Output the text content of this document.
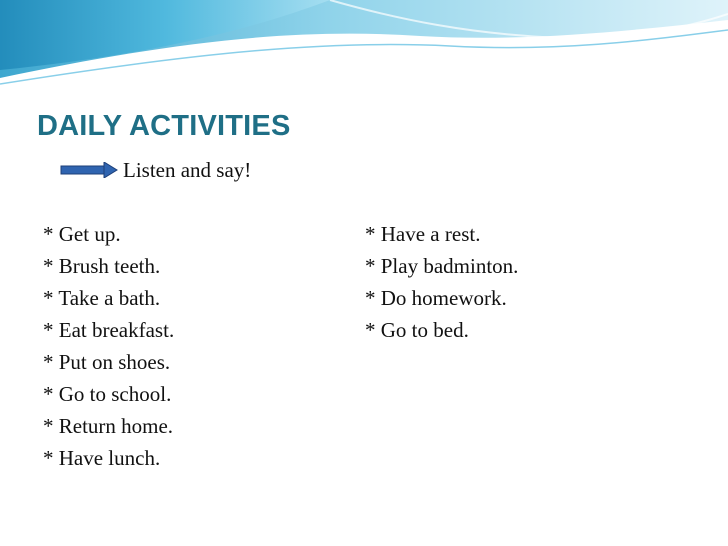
DAILY ACTIVITIES
Listen and say!
* Get up.
* Brush teeth.
* Take a bath.
* Eat breakfast.
* Put on shoes.
* Go to school.
* Return home.
* Have lunch.
* Have a rest.
* Play badminton.
* Do homework.
* Go to bed.
